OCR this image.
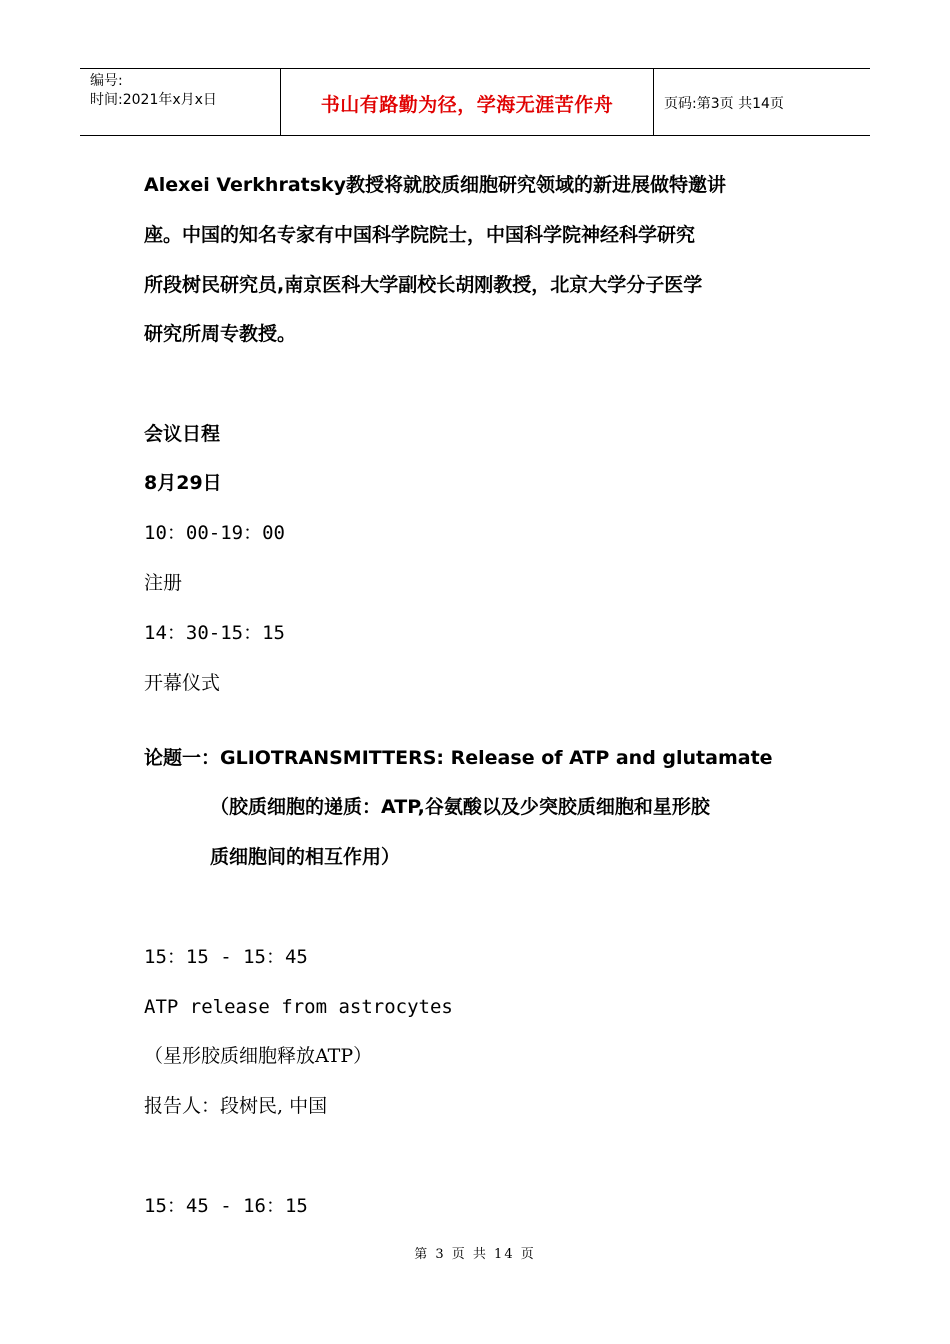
编号:
时间:2021年x月x日	书山有路勤为径，学海无涯苦作舟	页码:第3页 共14页
Alexei Verkhratsky教授将就胶质细胞研究领域的新进展做特邀讲
座。中国的知名专家有中国科学院院士，中国科学院神经科学研究
所段树民研究员,南京医科大学副校长胡刚教授，北京大学分子医学
研究所周专教授。
会议日程
8月29日
10：00-19：00
注册
14：30-15：15
开幕仪式
论题一：GLIOTRANSMITTERS: Release of ATP and glutamate
（胶质细胞的递质：ATP,谷氨酸以及少突胶质细胞和星形胶
质细胞间的相互作用）
15：15 - 15：45
ATP release from astrocytes
（星形胶质细胞释放ATP）
报告人：段树民, 中国
15：45 - 16：15
第 3 页 共 14 页
